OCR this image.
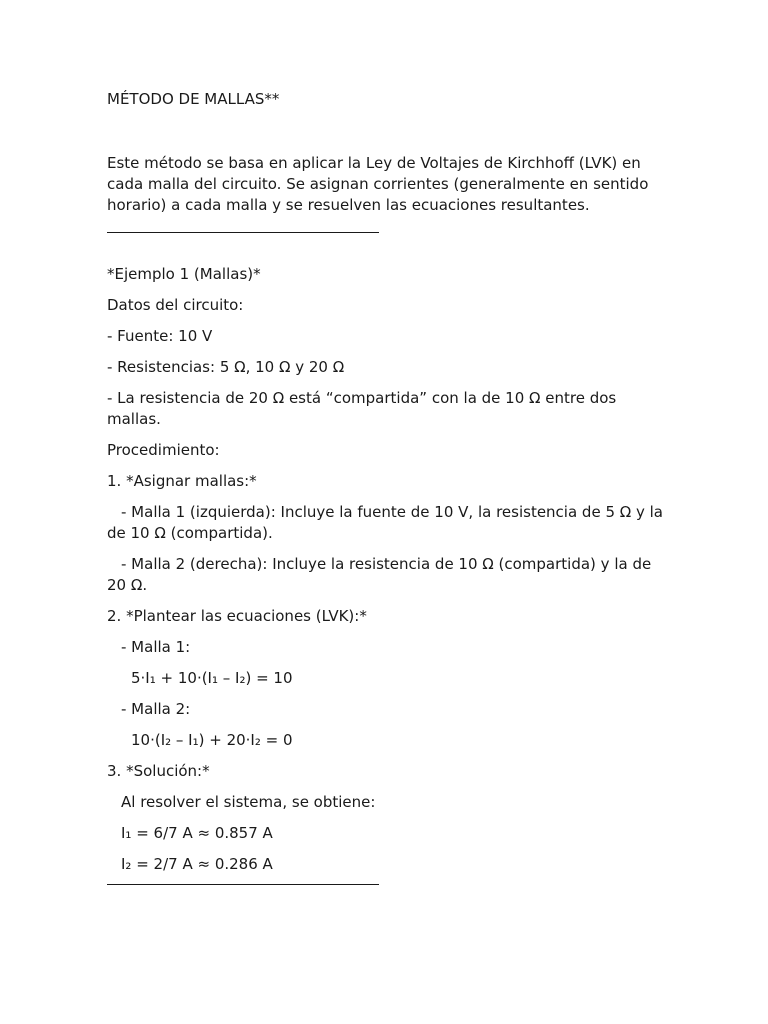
MÉTODO DE MALLAS**

Este método se basa en aplicar la Ley de Voltajes de Kirchhoff (LVK) en cada malla del circuito. Se asignan corrientes (generalmente en sentido horario) a cada malla y se resuelven las ecuaciones resultantes.

*Ejemplo 1 (Mallas)*

Datos del circuito:

- Fuente: 10 V

- Resistencias: 5 Ω, 10 Ω y 20 Ω

- La resistencia de 20 Ω está “compartida” con la de 10 Ω entre dos mallas.

Procedimiento:

1. *Asignar mallas:*

- Malla 1 (izquierda): Incluye la fuente de 10 V, la resistencia de 5 Ω y la de 10 Ω (compartida).

- Malla 2 (derecha): Incluye la resistencia de 10 Ω (compartida) y la de 20 Ω.

2. *Plantear las ecuaciones (LVK):*

- Malla 1:

5·I₁ + 10·(I₁ – I₂) = 10

- Malla 2:

10·(I₂ – I₁) + 20·I₂ = 0

3. *Solución:*

Al resolver el sistema, se obtiene:

I₁ = 6/7 A ≈ 0.857 A

I₂ = 2/7 A ≈ 0.286 A
